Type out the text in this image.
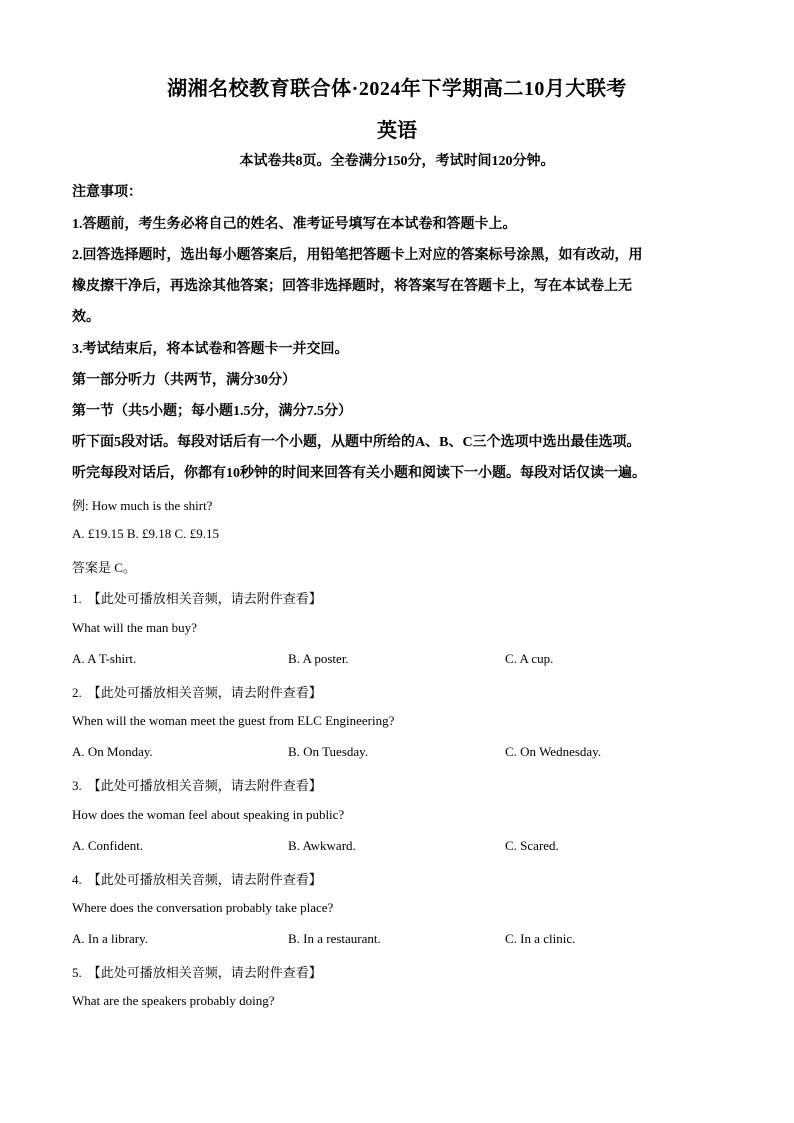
湖湘名校教育联合体·2024年下学期高二10月大联考
英语
本试卷共8页。全卷满分150分，考试时间120分钟。
注意事项：
1.答题前，考生务必将自己的姓名、准考证号填写在本试卷和答题卡上。
2.回答选择题时，选出每小题答案后，用铅笔把答题卡上对应的答案标号涂黑，如有改动，用
橡皮擦干净后，再选涂其他答案；回答非选择题时，将答案写在答题卡上，写在本试卷上无
效。
3.考试结束后，将本试卷和答题卡一并交回。
第一部分听力（共两节，满分30分）
第一节（共5小题；每小题1.5分，满分7.5分）
听下面5段对话。每段对话后有一个小题，从题中所给的A、B、C三个选项中选出最佳选项。
听完每段对话后，你都有10秒钟的时间来回答有关小题和阅读下一小题。每段对话仅读一遍。
例: How much is the shirt?
A. £19.15 B. £9.18 C. £9.15
答案是 C。
1. 【此处可播放相关音频，请去附件查看】
What will the man buy?
A. A T-shirt.	B. A poster.	C. A cup.
2. 【此处可播放相关音频，请去附件查看】
When will the woman meet the guest from ELC Engineering?
A. On Monday.	B. On Tuesday.	C. On Wednesday.
3. 【此处可播放相关音频，请去附件查看】
How does the woman feel about speaking in public?
A. Confident.	B. Awkward.	C. Scared.
4. 【此处可播放相关音频，请去附件查看】
Where does the conversation probably take place?
A. In a library.	B. In a restaurant.	C. In a clinic.
5. 【此处可播放相关音频，请去附件查看】
What are the speakers probably doing?
